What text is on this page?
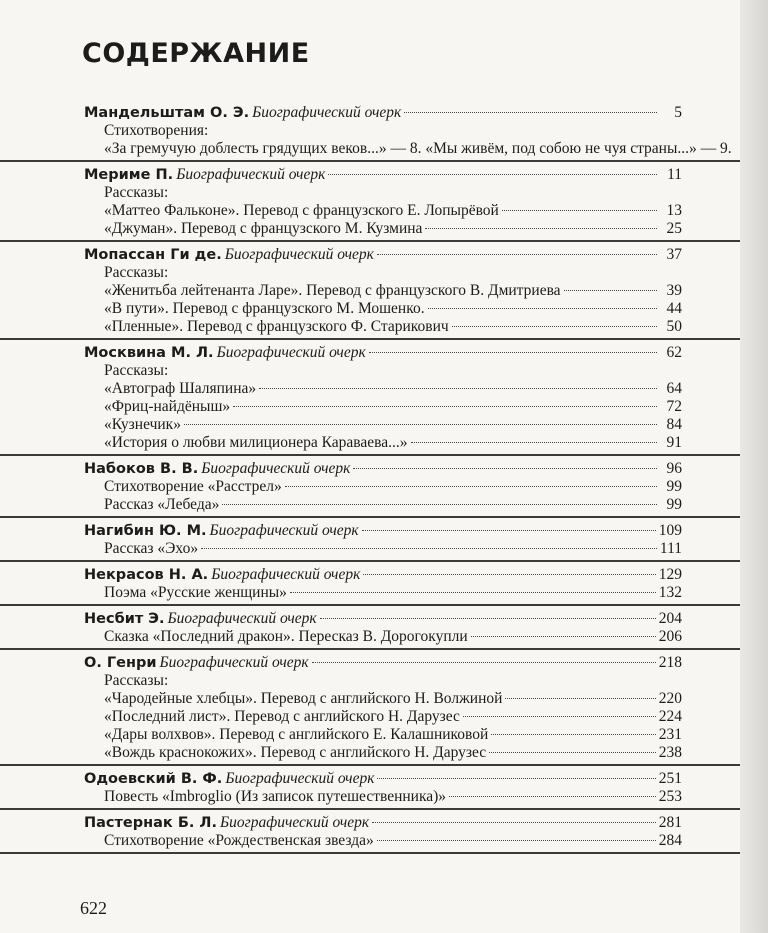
СОДЕРЖАНИЕ
Мандельштам О. Э. Биографический очерк	5
Стихотворения:
«За гремучую доблесть грядущих веков...» — 8. «Мы живём, под собою не чуя страны...» — 9.
Мериме П. Биографический очерк	11
Рассказы:
«Маттео Фальконе». Перевод с французского Е. Лопырёвой	13
«Джуман». Перевод с французского М. Кузмина	25
Мопассан Ги де. Биографический очерк	37
Рассказы:
«Женитьба лейтенанта Ларе». Перевод с французского В. Дмитриева	39
«В пути». Перевод с французского М. Мошенко.	44
«Пленные». Перевод с французского Ф. Старикович	50
Москвина М. Л. Биографический очерк	62
Рассказы:
«Автограф Шаляпина»	64
«Фриц-найдёныш»	72
«Кузнечик»	84
«История о любви милиционера Караваева...»	91
Набоков В. В. Биографический очерк	96
Стихотворение «Расстрел»	99
Рассказ «Лебеда»	99
Нагибин Ю. М. Биографический очерк	109
Рассказ «Эхо»	111
Некрасов Н. А. Биографический очерк	129
Поэма «Русские женщины»	132
Несбит Э. Биографический очерк	204
Сказка «Последний дракон». Пересказ В. Дорогокупли	206
О. Генри Биографический очерк	218
Рассказы:
«Чародейные хлебцы». Перевод с английского Н. Волжиной	220
«Последний лист». Перевод с английского Н. Дарузес	224
«Дары волхвов». Перевод с английского Е. Калашниковой	231
«Вождь краснокожих». Перевод с английского Н. Дарузес	238
Одоевский В. Ф. Биографический очерк	251
Повесть «Imbroglio (Из записок путешественника)»	253
Пастернак Б. Л. Биографический очерк	281
Стихотворение «Рождественская звезда»	284

622
